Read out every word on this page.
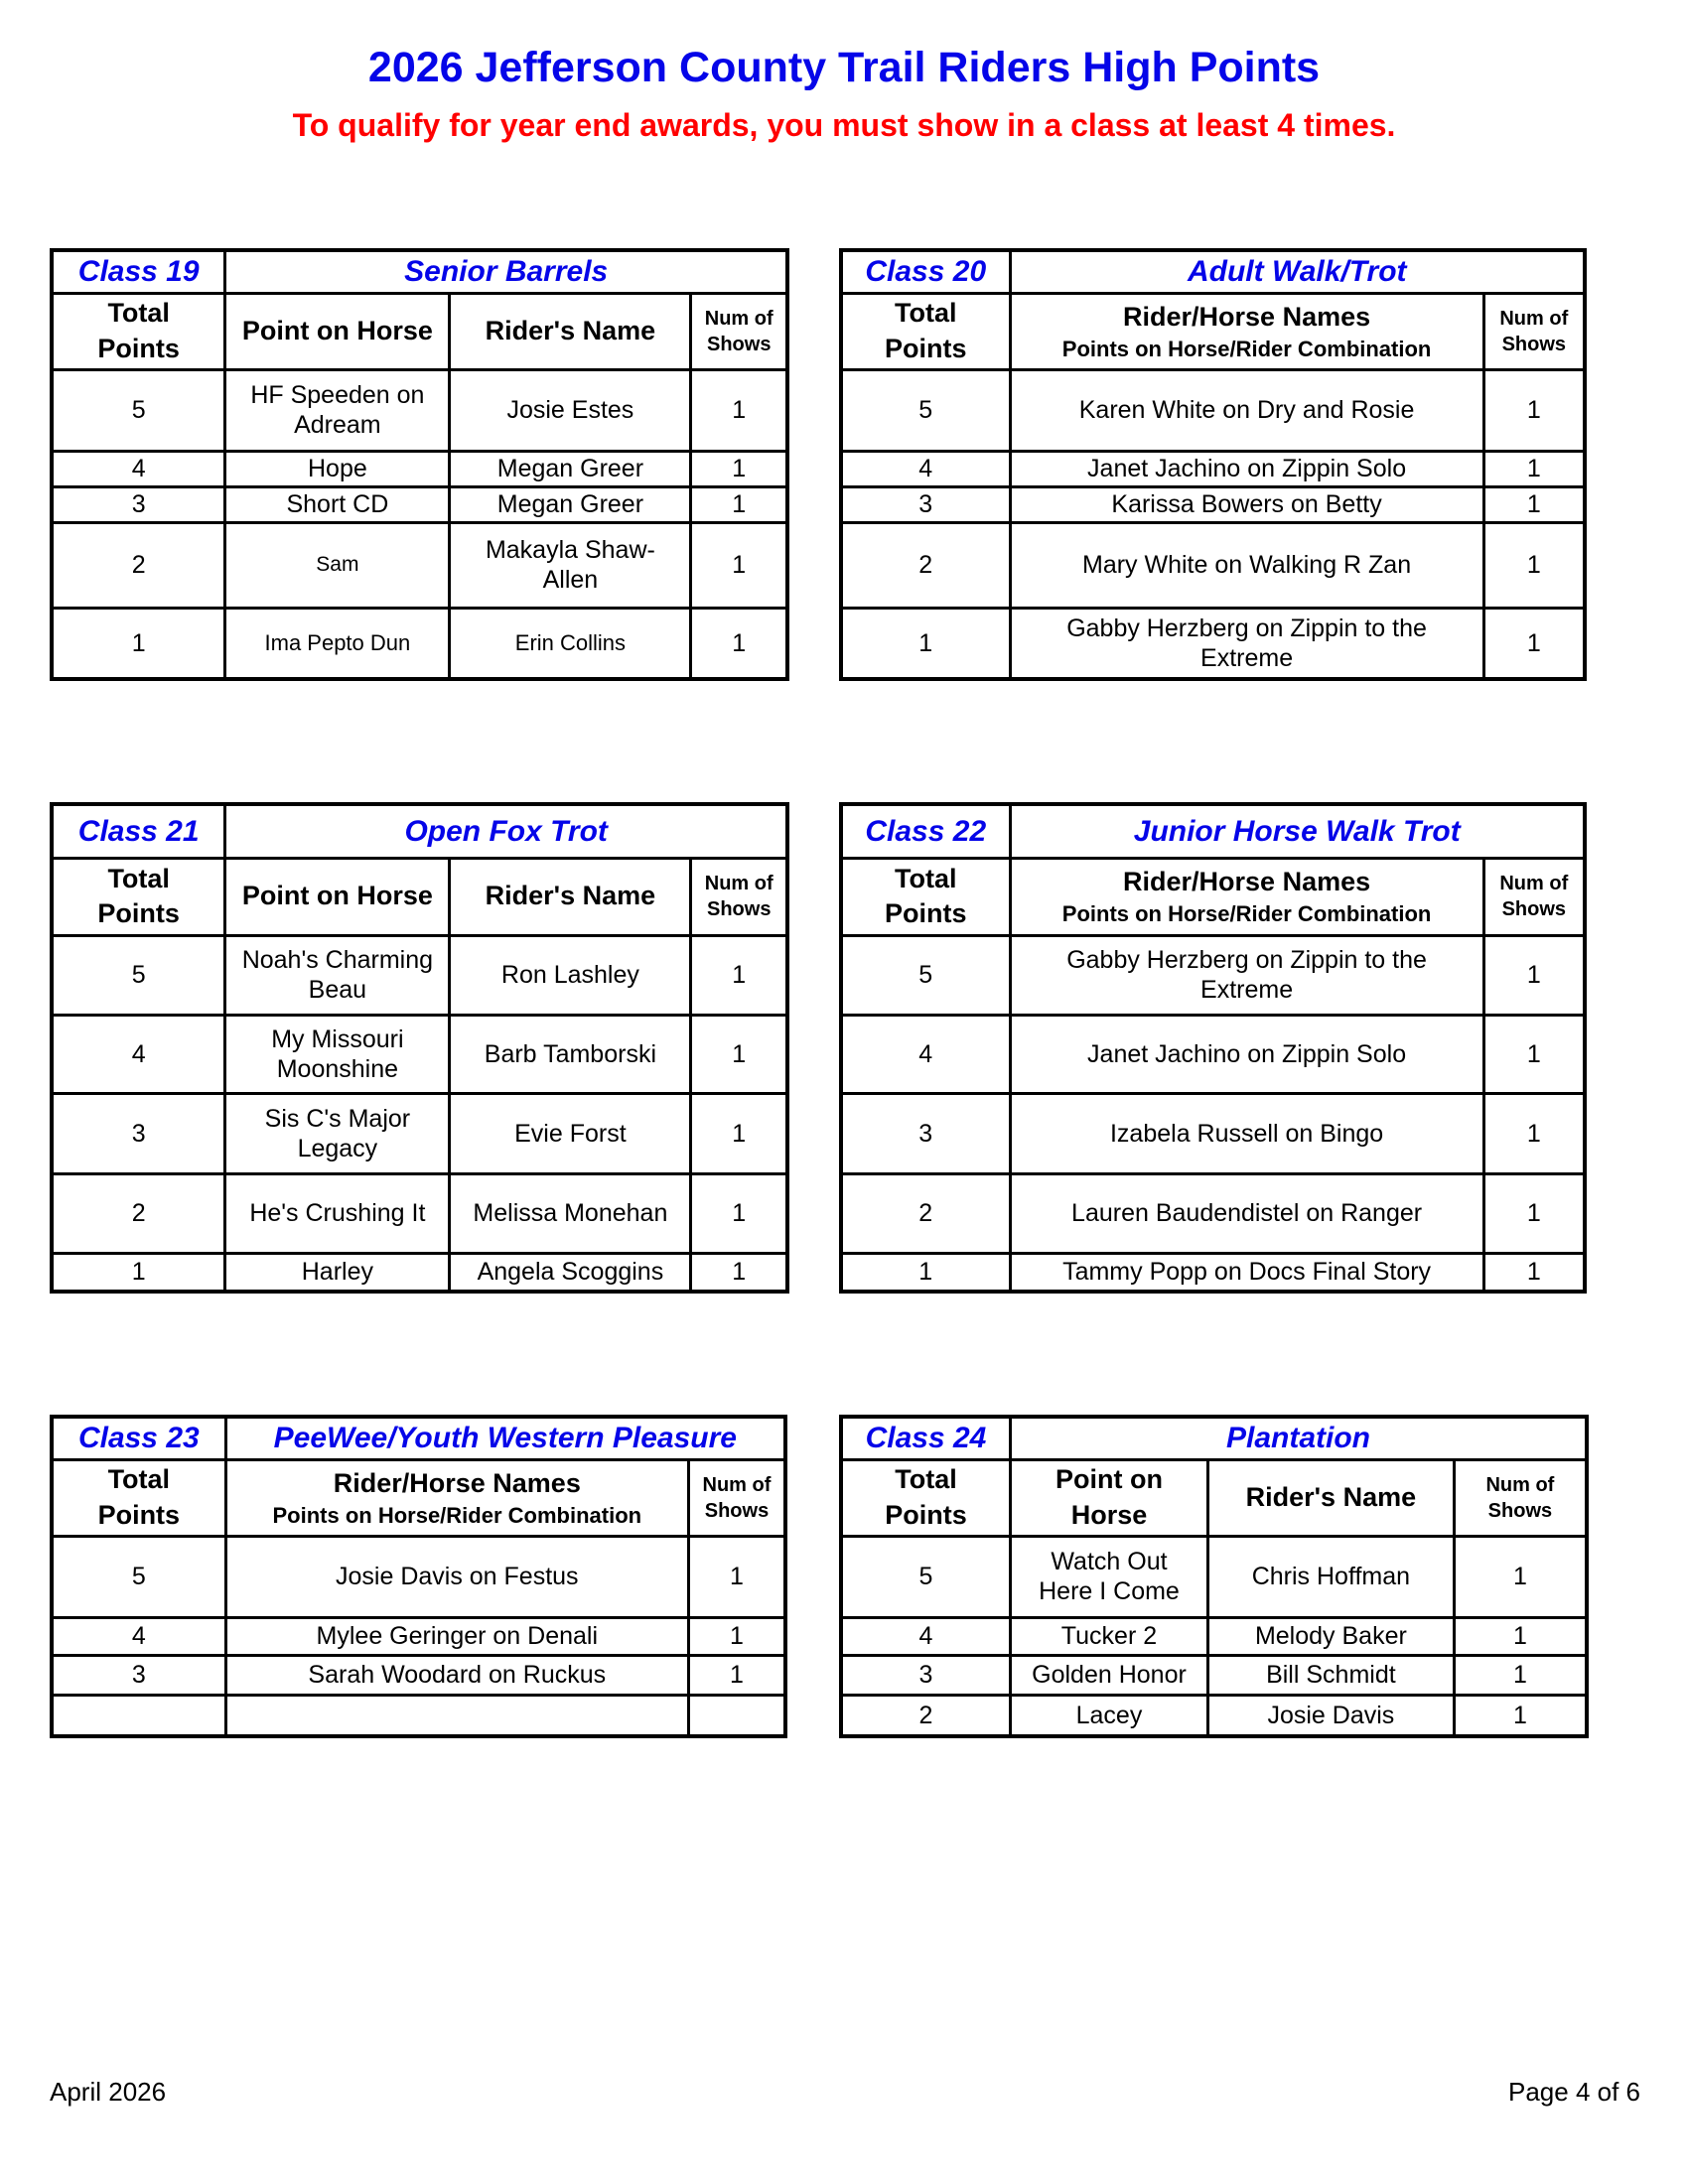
2026 Jefferson County Trail Riders High Points
To qualify for year end awards, you must show in a class at least 4 times.
Class 19	Senior Barrels		
Total
Points	Point on Horse	Rider's Name	Num of
Shows
5	HF Speeden on
Adream	Josie Estes	1
4	Hope	Megan Greer	1
3	Short CD	Megan Greer	1
2	Sam	Makayla Shaw-
Allen	1
1	Ima Pepto Dun	Erin Collins	1
Class 20	Adult Walk/Trot	
Total
Points	Rider/Horse Names
Points on Horse/Rider Combination	Num of
Shows
5	Karen White on Dry and Rosie	1
4	Janet Jachino on Zippin Solo	1
3	Karissa Bowers on Betty	1
2	Mary White on Walking R Zan	1
1	Gabby Herzberg on Zippin to the
Extreme	1
Class 21	Open Fox Trot		
Total
Points	Point on Horse	Rider's Name	Num of
Shows
5	Noah's Charming
Beau	Ron Lashley	1
4	My Missouri
Moonshine	Barb Tamborski	1
3	Sis C's Major
Legacy	Evie Forst	1
2	He's Crushing It	Melissa Monehan	1
1	Harley	Angela Scoggins	1
Class 22	Junior Horse Walk Trot	
Total
Points	Rider/Horse Names
Points on Horse/Rider Combination	Num of
Shows
5	Gabby Herzberg on Zippin to the
Extreme	1
4	Janet Jachino on Zippin Solo	1
3	Izabela Russell on Bingo	1
2	Lauren Baudendistel on Ranger	1
1	Tammy Popp on Docs Final Story	1
Class 23	PeeWee/Youth Western Pleasure	
Total
Points	Rider/Horse Names
Points on Horse/Rider Combination	Num of
Shows
5	Josie Davis on Festus	1
4	Mylee Geringer on Denali	1
3	Sarah Woodard on Ruckus	1

Class 24	Plantation		
Total
Points	Point on
Horse	Rider's Name	Num of
Shows
5	Watch Out
Here I Come	Chris Hoffman	1
4	Tucker 2	Melody Baker	1
3	Golden Honor	Bill Schmidt	1
2	Lacey	Josie Davis	1
April 2026	Page 4 of 6
